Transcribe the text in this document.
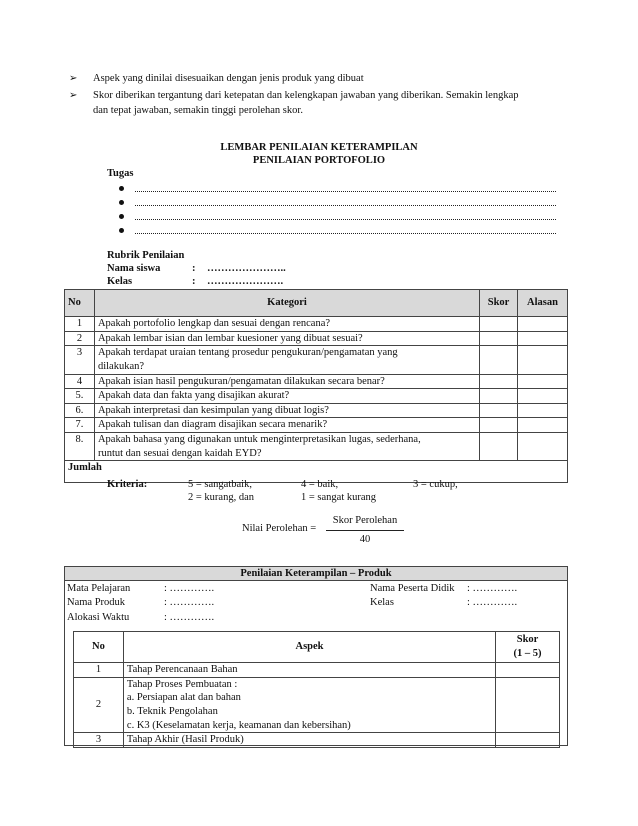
➢ Aspek yang dinilai disesuaikan dengan jenis produk yang dibuat
➢ Skor diberikan tergantung dari ketepatan dan kelengkapan jawaban yang diberikan. Semakin lengkap
dan tepat jawaban, semakin tinggi perolehan skor.
LEMBAR PENILAIAN KETERAMPILAN
PENILAIAN PORTOFOLIO
Tugas
Rubrik Penilaian
Nama siswa	: …………………..
Kelas	: ………………….
No	Kategori	Skor	Alasan
1	Apakah portofolio lengkap dan sesuai dengan rencana?		
2	Apakah lembar isian dan lembar kuesioner yang dibuat sesuai?		
3	Apakah terdapat uraian tentang prosedur pengukuran/pengamatan yang
dilakukan?		
4	Apakah isian hasil pengukuran/pengamatan dilakukan secara benar?		
5.	Apakah data dan fakta yang disajikan akurat?		
6.	Apakah interpretasi dan kesimpulan yang dibuat logis?		
7.	Apakah tulisan dan diagram disajikan secara menarik?		
8.	Apakah bahasa yang digunakan untuk menginterpretasikan lugas, sederhana,
runtut dan sesuai dengan kaidah EYD?		
Jumlah			
Kriteria:	5 = sangatbaik,	4 = baik,	3 = cukup,
2 = kurang, dan	1 = sangat kurang
Nilai Perolehan =
Skor Perolehan
40
Penilaian Keterampilan – Produk
Mata Pelajaran	: ………….
Nama Produk	: ………….
Alokasi Waktu	: ………….
Nama Peserta Didik : ………….
Kelas	: ………….
No	Aspek	Skor
(1 – 5)
1	Tahap Perencanaan Bahan	
2	Tahap Proses Pembuatan :
a. Persiapan alat dan bahan
b. Teknik Pengolahan
c. K3 (Keselamatan kerja, keamanan dan kebersihan)	

3	Tahap Akhir (Hasil Produk)	
